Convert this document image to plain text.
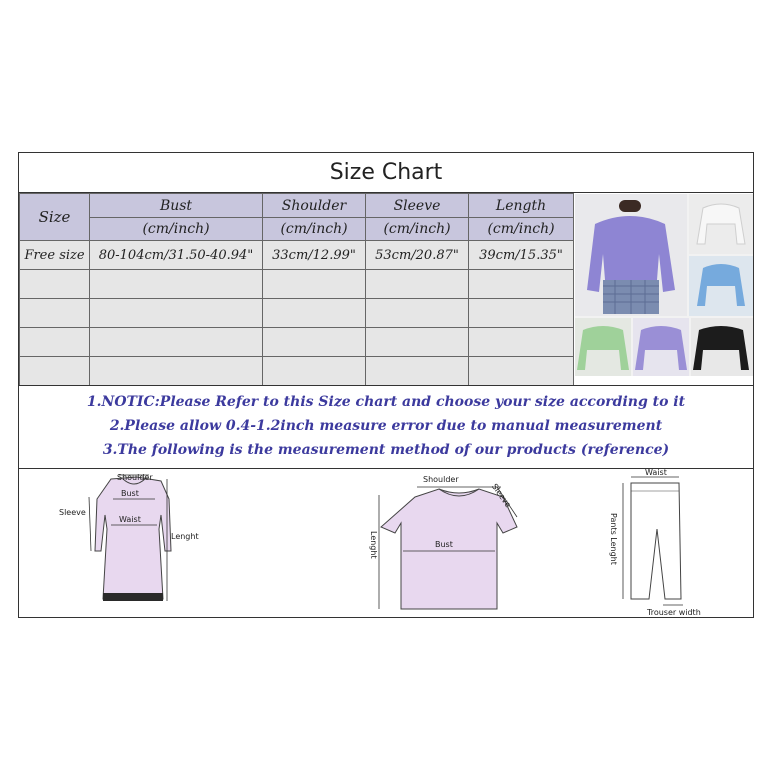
Size Chart
Size	Bust	Shoulder	Sleeve	Length
	(cm/inch)	(cm/inch)	(cm/inch)	(cm/inch)
Free size	80-104cm/31.50-40.94"	33cm/12.99"	53cm/20.87"	39cm/15.35"

1.NOTIC:Please Refer to this Size chart and choose your size according to it
2.Please allow 0.4-1.2inch measure error due to manual measurement
3.The following is the measurement method of our products (reference)
Shoulder
Bust
Waist
Sleeve
Lenght
Shoulder
Sleeve
Bust
Lenght
Waist
Pants Lenght
Trouser width
